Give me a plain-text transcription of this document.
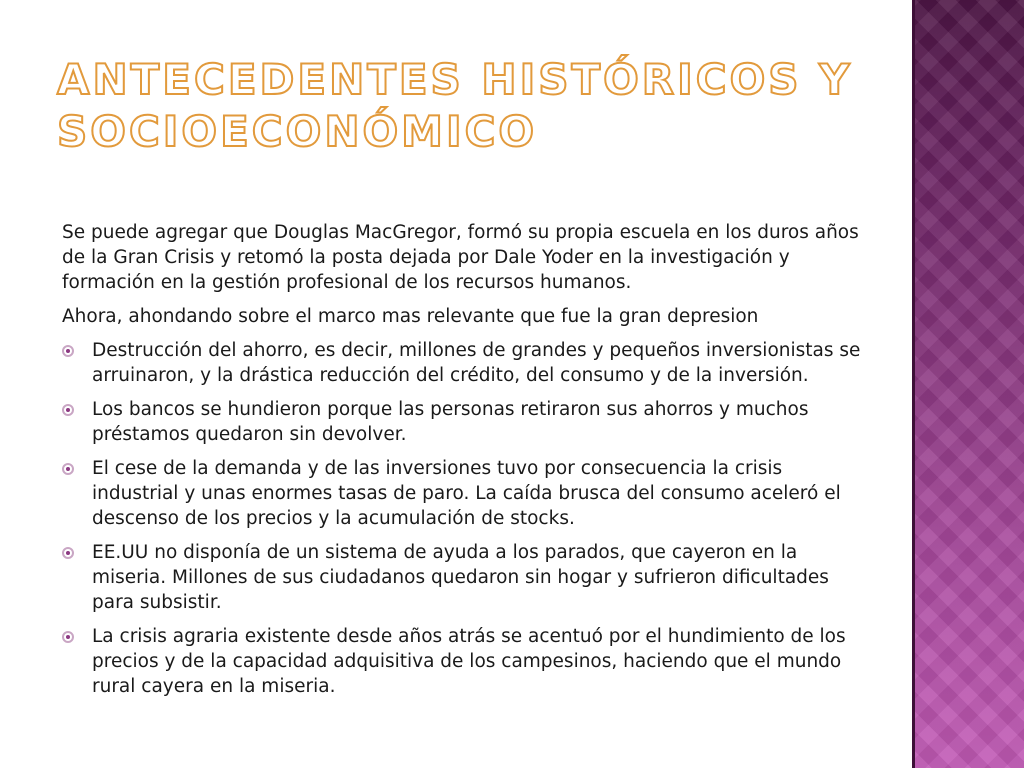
ANTECEDENTES HISTÓRICOS Y SOCIOECONÓMICO

Se puede agregar que Douglas MacGregor, formó su propia escuela en los duros años de la Gran Crisis y retomó la posta dejada por Dale Yoder en la investigación y formación en la gestión profesional de los recursos humanos.

Ahora, ahondando sobre el marco mas relevante que fue la gran depresion

Destrucción del ahorro, es decir, millones de grandes y pequeños inversionistas se arruinaron, y la drástica reducción del crédito, del consumo y de la inversión.
Los bancos se hundieron porque las personas retiraron sus ahorros y muchos préstamos quedaron sin devolver.
El cese de la demanda y de las inversiones tuvo por consecuencia la crisis industrial y unas enormes tasas de paro. La caída brusca del consumo aceleró el descenso de los precios y la acumulación de stocks.
EE.UU no disponía de un sistema de ayuda a los parados, que cayeron en la miseria. Millones de sus ciudadanos quedaron sin hogar y sufrieron dificultades para subsistir.
La crisis agraria existente desde años atrás se acentuó por el hundimiento de los precios y de la capacidad adquisitiva de los campesinos, haciendo que el mundo rural cayera en la miseria.
